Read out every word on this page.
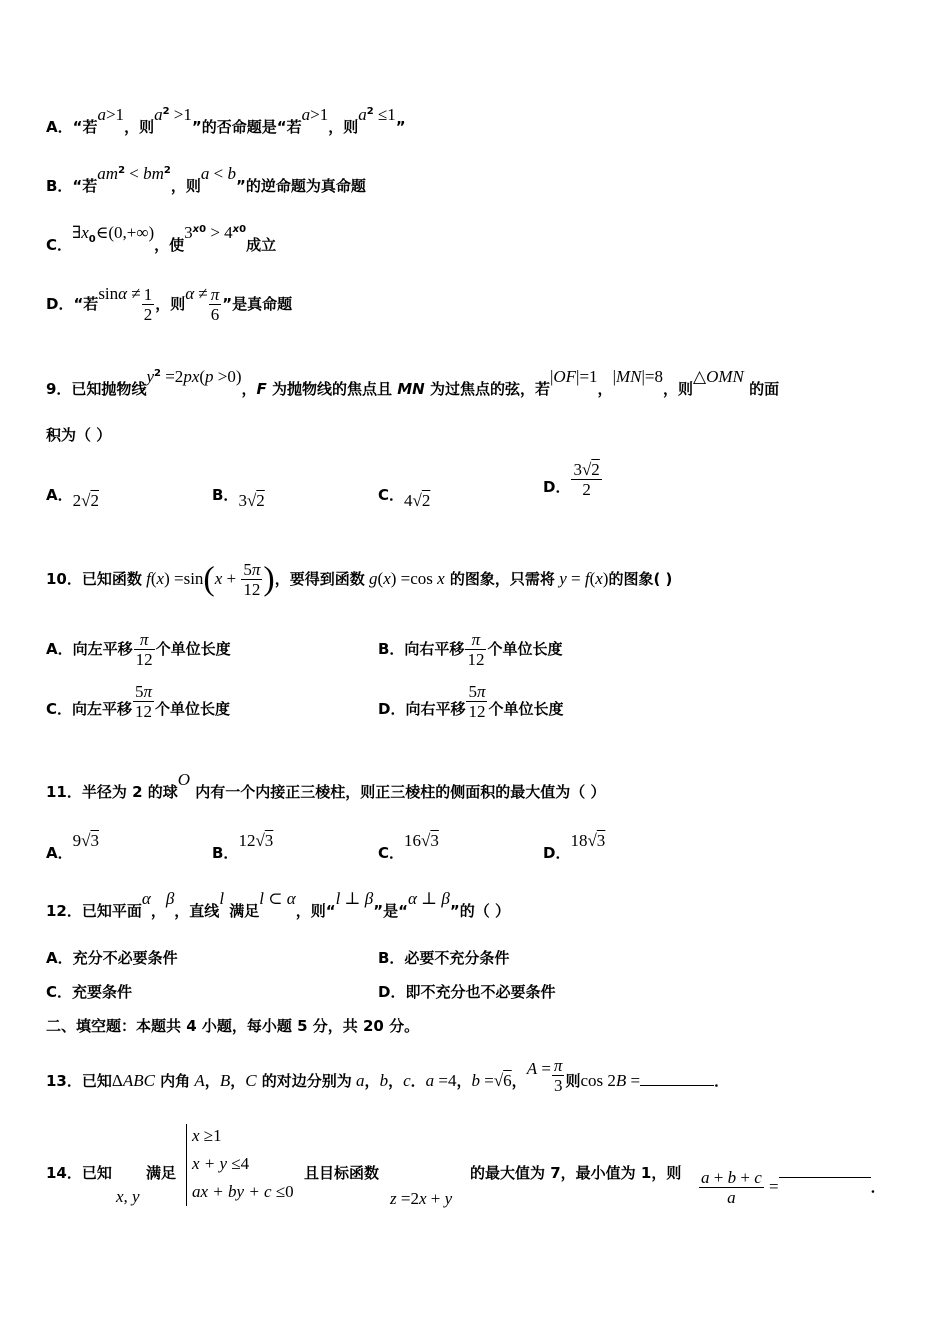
A．“若a>1，则$a^2 >1$”的否命题是“若a>1，则$a^2 \le 1$”
B．“若$am^2 < bm^2$，则a < b”的逆命题为真命题
C．$\exists x_0\in(0,+\infty)$，使$3^{x0} > 4^{x0}$成立
D．“若$\sin\alpha \ne \frac{1}{2}$ ，则$\alpha \ne \frac{\pi}{6}$ ”是真命题
9．已知抛物线$y^2 =2px(p >0)$，F 为抛物线的焦点且 MN 为过焦点的弦，若|OF|=1，|MN|=8，则△OMN 的面
积为（ ）
A．2√2	B．3√2	C．4√2
D． $\frac{3√2}{2}$
10．已知函数 $f(x) =\sin(x + \frac{5\pi}{12}$ )，要得到函数 g(x) =cos x 的图象，只需将 y = f(x)的图象( )
A．向左平移 $\frac{\pi}{12}$ 个单位长度	B．向右平移 $\frac{\pi}{12}$ 个单位长度
C．向左平移 $\frac{5\pi}{12}$ 个单位长度	D．向右平移 $\frac{5\pi}{12}$ 个单位长度
11．半径为 2 的球O 内有一个内接正三棱柱，则正三棱柱的侧面积的最大值为（ ）
A．9√3
B．12√3
C．16√3
D．18√3
12．已知平面α，β，直线l 满足l ⊂ α，则“l ⊥ β”是“α ⊥ β”的（ ）
A．充分不必要条件	B．必要不充分条件
C．充要条件	D．即不充分也不必要条件
二、填空题：本题共 4 小题，每小题 5 分，共 20 分。
13．已知ΔABC 内角 A，B，C 的对边分别为 a，b，c．a =4，b =√6，$A = \frac{\pi}{3}$ 则cos 2B =	．
14．已知
x, y
满足
x ≥1
x + y ≤4
ax + by + c ≤0
且目标函数
z =2x + y
的最大值为 7，最小值为 1，则 $\frac{a + b + c}{a}$ =	．
